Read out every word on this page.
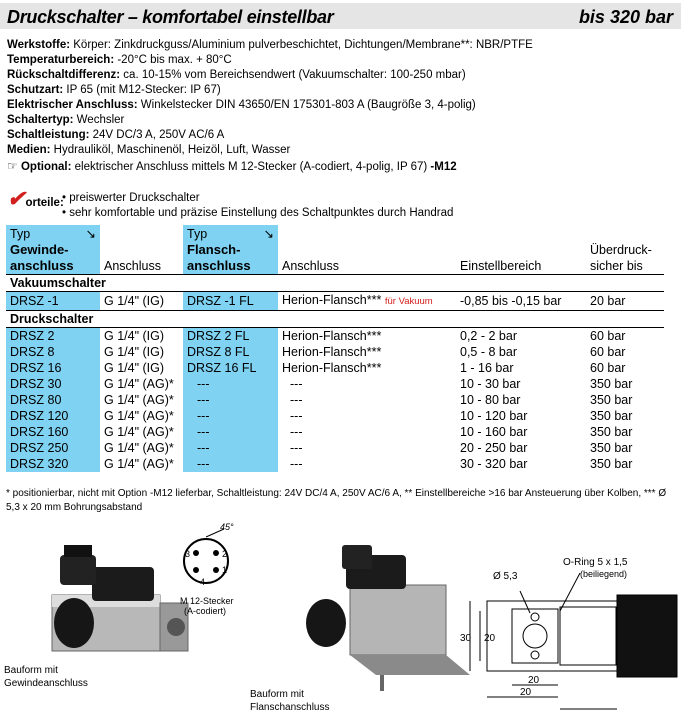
Druckschalter – komfortabel einstellbar	bis 320 bar
Werkstoffe: Körper: Zinkdruckguss/Aluminium pulverbeschichtet, Dichtungen/Membrane**: NBR/PTFE
Temperaturbereich: -20°C bis max. + 80°C
Rückschaltdifferenz: ca. 10-15% vom Bereichsendwert (Vakuumschalter: 100-250 mbar)
Schutzart: IP 65 (mit M12-Stecker: IP 67)
Elektrischer Anschluss: Winkelstecker DIN 43650/EN 175301-803 A (Baugröße 3, 4-polig)
Schaltertyp: Wechsler
Schaltleistung: 24V DC/3 A, 250V AC/6 A
Medien: Hydrauliköl, Maschinenöl, Heizöl, Luft, Wasser
☞ Optional: elektrischer Anschluss mittels M 12-Stecker (A-codiert, 4-polig, IP 67) -M12
✔orteile:
• preiswerter Druckschalter
• sehr komfortable und präzise Einstellung des Schaltpunktes durch Handrad
Typ ↘

Gewinde-
anschluss	Anschluss	Typ ↘

Flansch-
anschluss	Anschluss	Einstellbereich	Überdruck-
sicher bis
Vakuumschalter					
DRSZ -1	G 1/4" (IG)	DRSZ -1 FL	Herion-Flansch*** für Vakuum	-0,85 bis -0,15 bar	20 bar
Druckschalter					
DRSZ 2	G 1/4" (IG)	DRSZ 2 FL	Herion-Flansch***	0,2 - 2 bar	60 bar
DRSZ 8	G 1/4" (IG)	DRSZ 8 FL	Herion-Flansch***	0,5 - 8 bar	60 bar
DRSZ 16	G 1/4" (IG)	DRSZ 16 FL	Herion-Flansch***	1 - 16 bar	60 bar
DRSZ 30	G 1/4" (AG)*	---	---	10 - 30 bar	350 bar
DRSZ 80	G 1/4" (AG)*	---	---	10 - 80 bar	350 bar
DRSZ 120	G 1/4" (AG)*	---	---	10 - 120 bar	350 bar
DRSZ 160	G 1/4" (AG)*	---	---	10 - 160 bar	350 bar
DRSZ 250	G 1/4" (AG)*	---	---	20 - 250 bar	350 bar
DRSZ 320	G 1/4" (AG)*	---	---	30 - 320 bar	350 bar
* positionierbar, nicht mit Option -M12 lieferbar, Schaltleistung: 24V DC/4 A, 250V AC/6 A, ** Einstellbereiche >16 bar Ansteuerung über Kolben, *** Ø 5,3 x 20 mm Bohrungsabstand
Bauform mit
Gewindeanschluss
45°
3	2
4
1
M 12-Stecker
(A-codiert)
Bauform mit
Flanschanschluss
O-Ring 5 x 1,5
(beiliegend)
Ø 5,3
30 20
20
20
